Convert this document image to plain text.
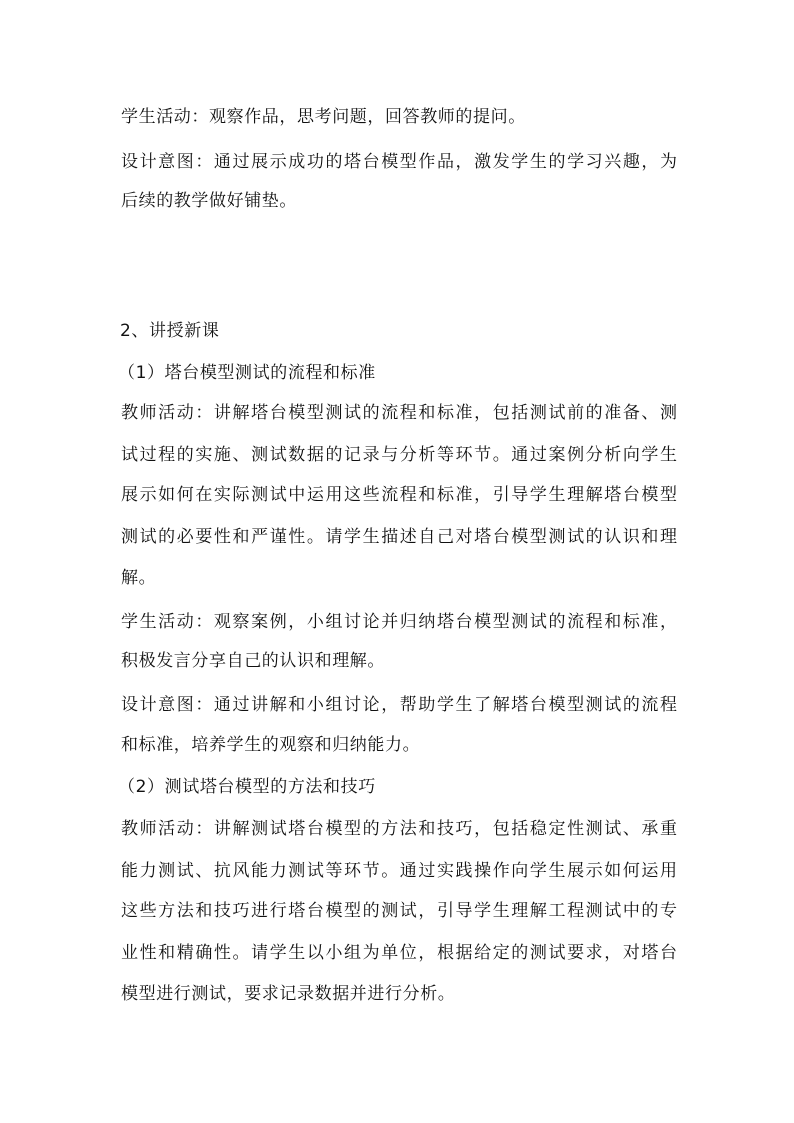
学生活动：观察作品，思考问题，回答教师的提问。
设计意图：通过展示成功的塔台模型作品，激发学生的学习兴趣，为
后续的教学做好铺垫。
2、讲授新课
（1）塔台模型测试的流程和标准
教师活动：讲解塔台模型测试的流程和标准，包括测试前的准备、测
试过程的实施、测试数据的记录与分析等环节。通过案例分析向学生
展示如何在实际测试中运用这些流程和标准，引导学生理解塔台模型
测试的必要性和严谨性。请学生描述自己对塔台模型测试的认识和理
解。
学生活动：观察案例，小组讨论并归纳塔台模型测试的流程和标准，
积极发言分享自己的认识和理解。
设计意图：通过讲解和小组讨论，帮助学生了解塔台模型测试的流程
和标准，培养学生的观察和归纳能力。
（2）测试塔台模型的方法和技巧
教师活动：讲解测试塔台模型的方法和技巧，包括稳定性测试、承重
能力测试、抗风能力测试等环节。通过实践操作向学生展示如何运用
这些方法和技巧进行塔台模型的测试，引导学生理解工程测试中的专
业性和精确性。请学生以小组为单位，根据给定的测试要求，对塔台
模型进行测试，要求记录数据并进行分析。
